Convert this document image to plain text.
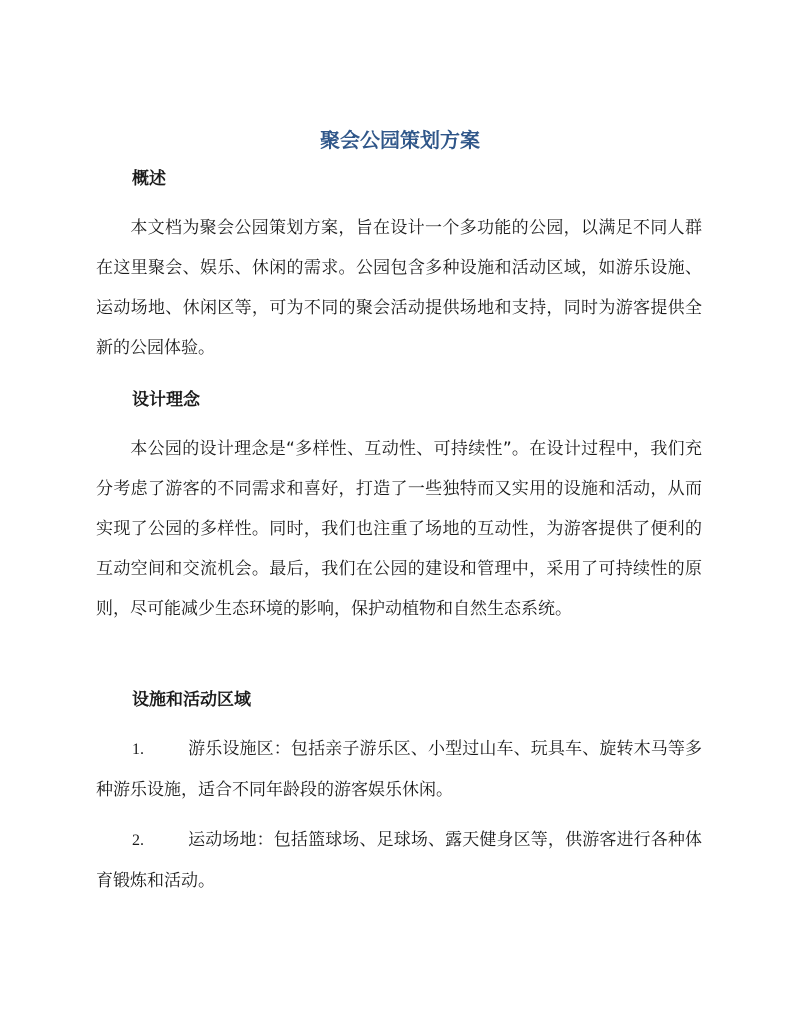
聚会公园策划方案
概述

本文档为聚会公园策划方案，旨在设计一个多功能的公园，以满足不同人群在这里聚会、娱乐、休闲的需求。公园包含多种设施和活动区域，如游乐设施、运动场地、休闲区等，可为不同的聚会活动提供场地和支持，同时为游客提供全新的公园体验。

设计理念

本公园的设计理念是“多样性、互动性、可持续性”。在设计过程中，我们充分考虑了游客的不同需求和喜好，打造了一些独特而又实用的设施和活动，从而实现了公园的多样性。同时，我们也注重了场地的互动性，为游客提供了便利的互动空间和交流机会。最后，我们在公园的建设和管理中，采用了可持续性的原则，尽可能减少生态环境的影响，保护动植物和自然生态系统。

设施和活动区域
1.	游乐设施区：包括亲子游乐区、小型过山车、玩具车、旋转木马等多种游乐设施，适合不同年龄段的游客娱乐休闲。
2.	运动场地：包括篮球场、足球场、露天健身区等，供游客进行各种体育锻炼和活动。
